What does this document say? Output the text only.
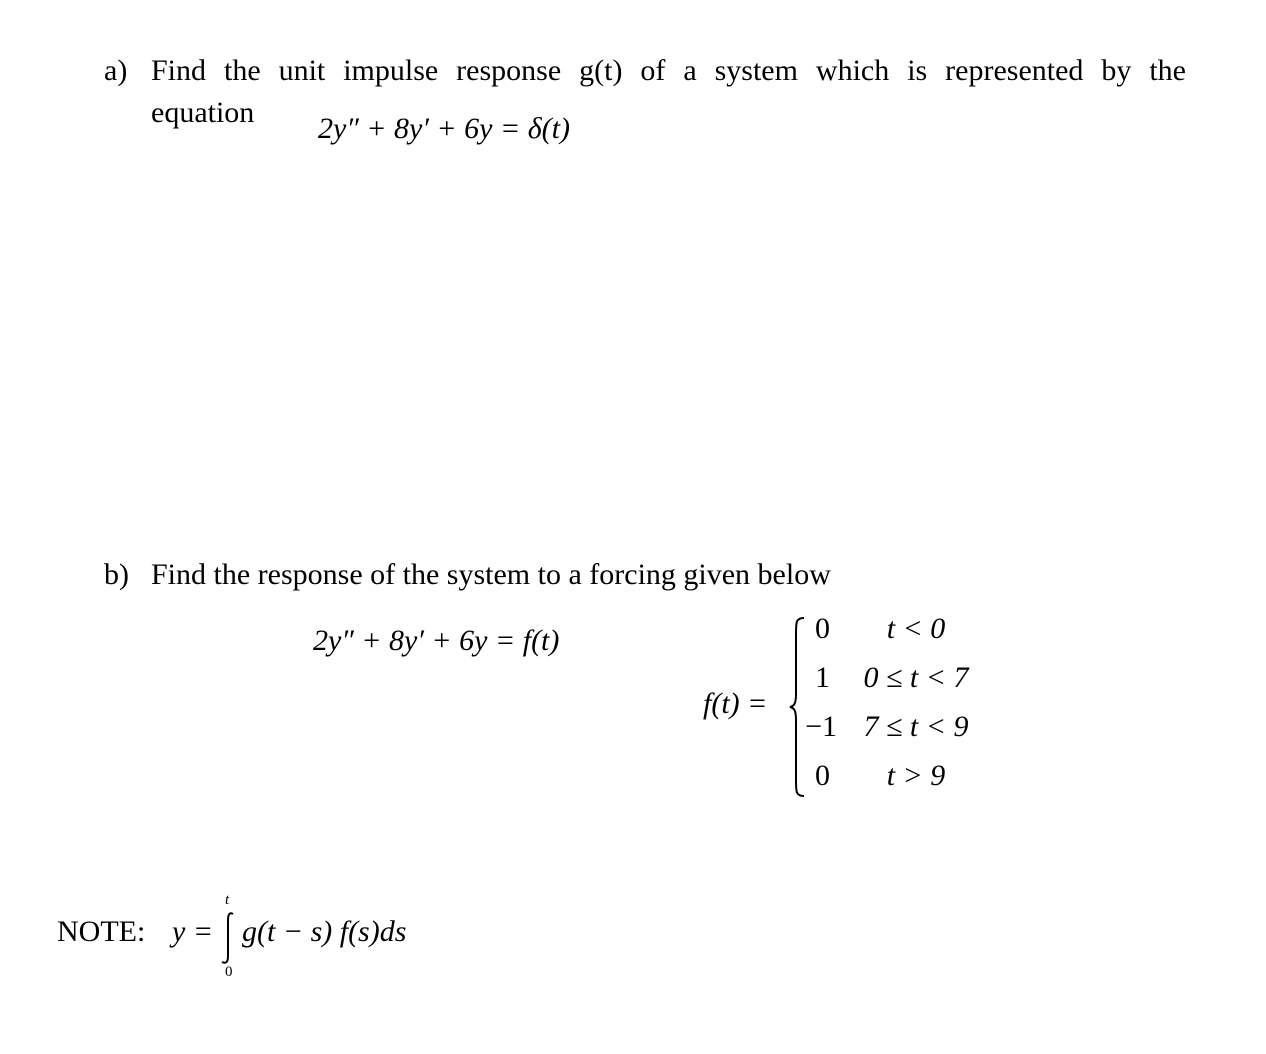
a) Find the unit impulse response g(t) of a system which is represented by the
equation 2y″ + 8y′ + 6y = δ(t)
b) Find the response of the system to a forcing given below
2y″ + 8y′ + 6y = f(t)
f(t) =
0	t < 0
1 0 ≤ t < 7
−1 7 ≤ t < 9
0	t > 9
NOTE: y =
t
0
g(t − s) f(s)ds
